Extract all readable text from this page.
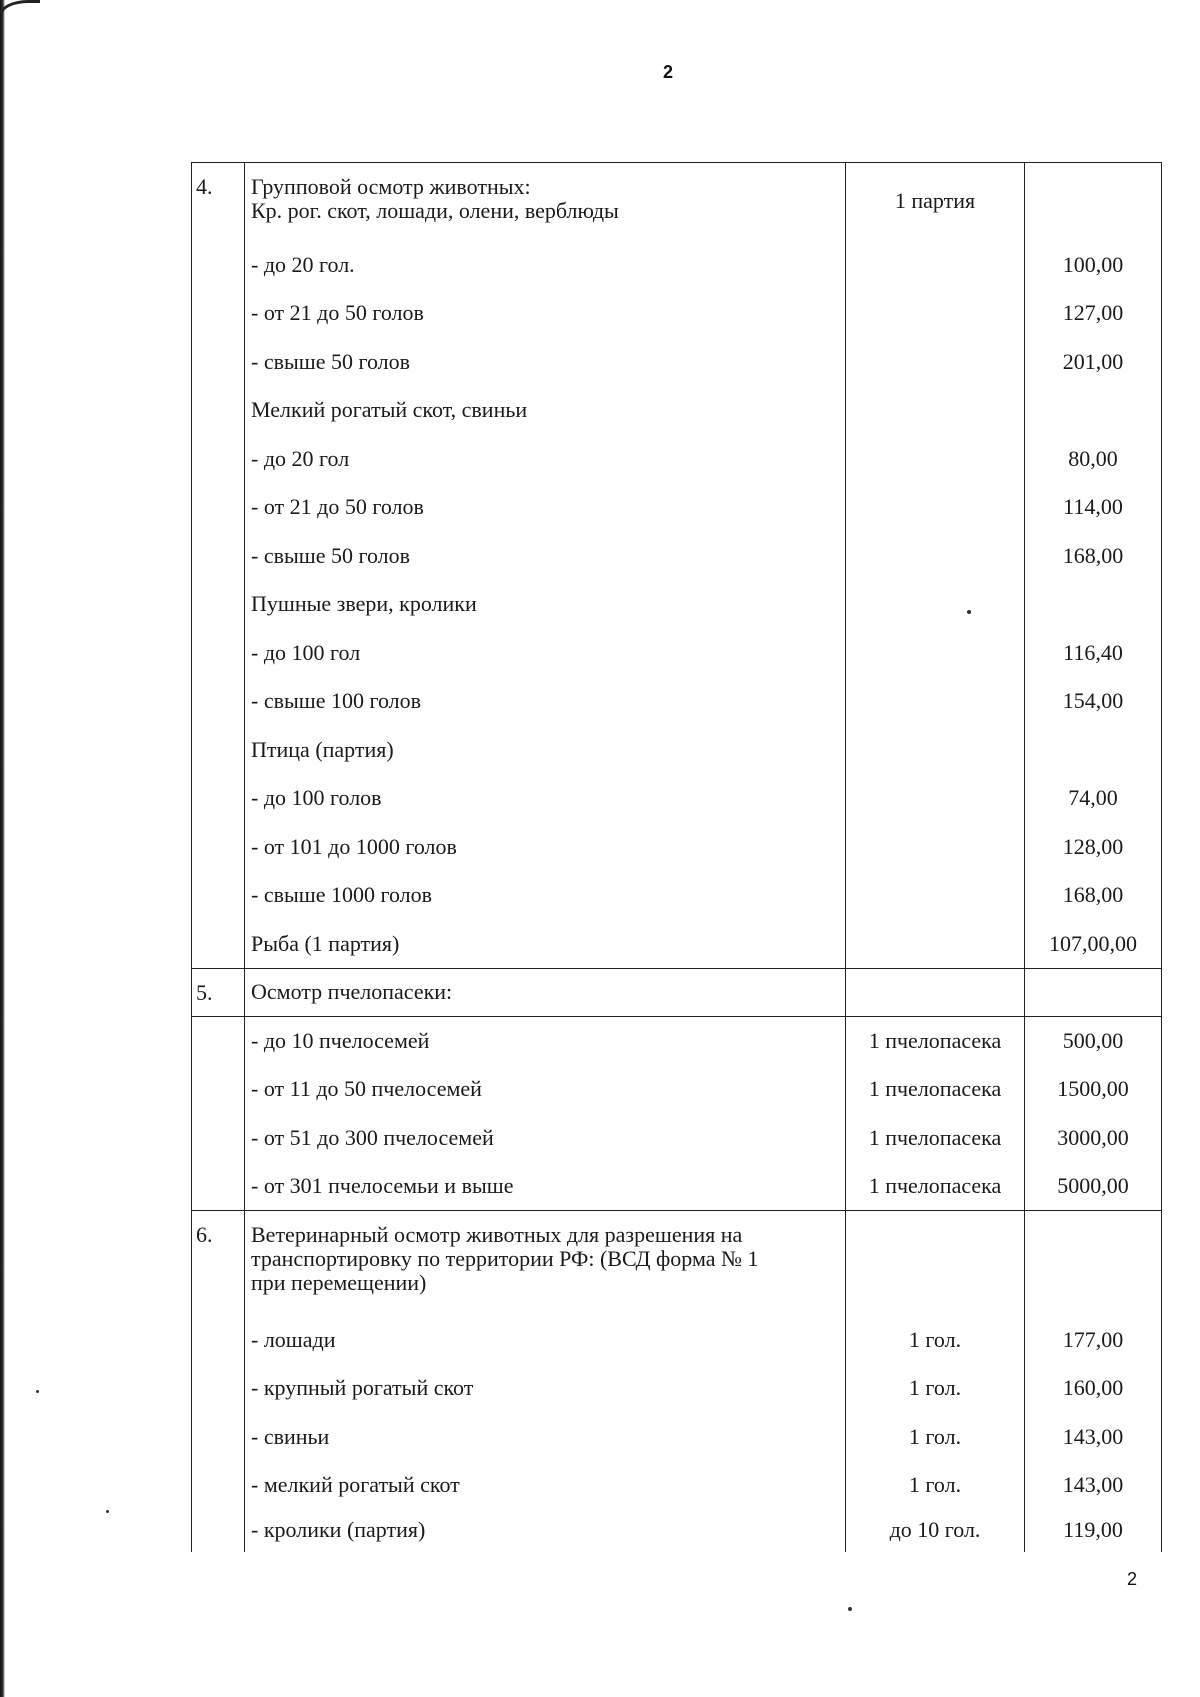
2
4.	Групповой осмотр животных:
Кр. рог. скот, лошади, олени, верблюды	1 партия	
	- до 20 гол.		100,00
	- от 21 до 50 голов		127,00
	- свыше 50 голов		201,00
	Мелкий рогатый скот, свиньи		
	- до 20 гол		80,00
	- от 21 до 50 голов		114,00
	- свыше 50 голов		168,00
	Пушные звери, кролики		
	- до 100 гол		116,40
	- свыше 100 голов		154,00
	Птица (партия)		
	- до 100 голов		74,00
	- от 101 до 1000 голов		128,00
	- свыше 1000 голов		168,00
	Рыба (1 партия)		107,00,00
5.	Осмотр пчелопасеки:		

	- до 10 пчелосемей	1 пчелопасека	500,00
	- от 11 до 50 пчелосемей	1 пчелопасека	1500,00
	- от 51 до 300 пчелосемей	1 пчелопасека	3000,00
	- от 301 пчелосемьи и выше	1 пчелопасека	5000,00
6.	Ветеринарный осмотр животных для разрешения на
транспортировку по территории РФ: (ВСД форма № 1
при перемещении)		

	- лошади	1 гол.	177,00
	- крупный рогатый скот	1 гол.	160,00
	- свиньи	1 гол.	143,00
	- мелкий рогатый скот	1 гол.	143,00
	- кролики (партия)	до 10 гол.	119,00
2
